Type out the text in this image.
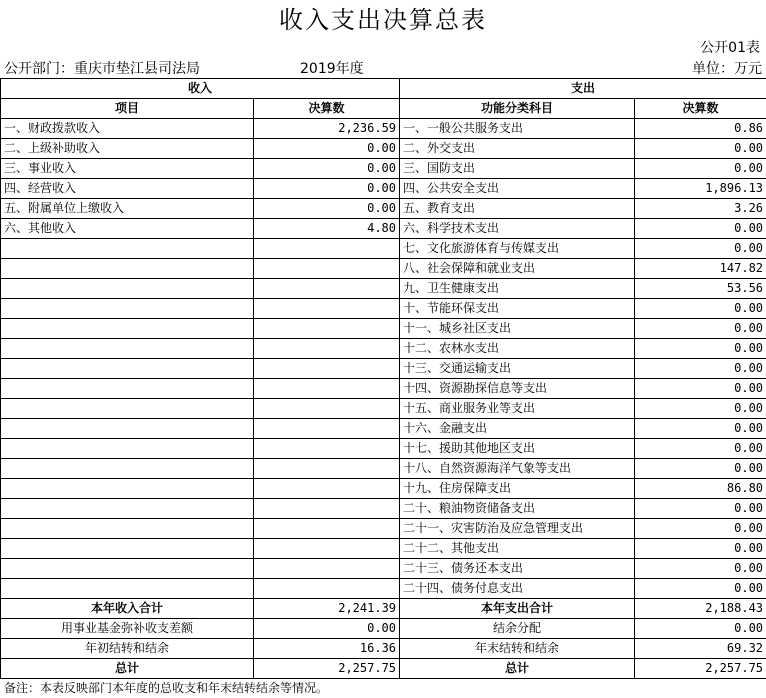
收入支出决算总表
公开01表
公开部门：重庆市垫江县司法局	2019年度	单位：万元
收入		支出	
项目	决算数	功能分类科目	决算数
一、财政拨款收入	2,236.59	一、一般公共服务支出	0.86
二、上级补助收入	0.00	二、外交支出	0.00
三、事业收入	0.00	三、国防支出	0.00
四、经营收入	0.00	四、公共安全支出	1,896.13
五、附属单位上缴收入	0.00	五、教育支出	3.26
六、其他收入	4.80	六、科学技术支出	0.00
		七、文化旅游体育与传媒支出	0.00
		八、社会保障和就业支出	147.82
		九、卫生健康支出	53.56
		十、节能环保支出	0.00
		十一、城乡社区支出	0.00
		十二、农林水支出	0.00
		十三、交通运输支出	0.00
		十四、资源勘探信息等支出	0.00
		十五、商业服务业等支出	0.00
		十六、金融支出	0.00
		十七、援助其他地区支出	0.00
		十八、自然资源海洋气象等支出	0.00
		十九、住房保障支出	86.80
		二十、粮油物资储备支出	0.00
		二十一、灾害防治及应急管理支出	0.00
		二十二、其他支出	0.00
		二十三、债务还本支出	0.00
		二十四、债务付息支出	0.00
本年收入合计	2,241.39	本年支出合计	2,188.43
用事业基金弥补收支差额	0.00	结余分配	0.00
年初结转和结余	16.36	年末结转和结余	69.32
总计	2,257.75	总计	2,257.75
备注：本表反映部门本年度的总收支和年末结转结余等情况。
